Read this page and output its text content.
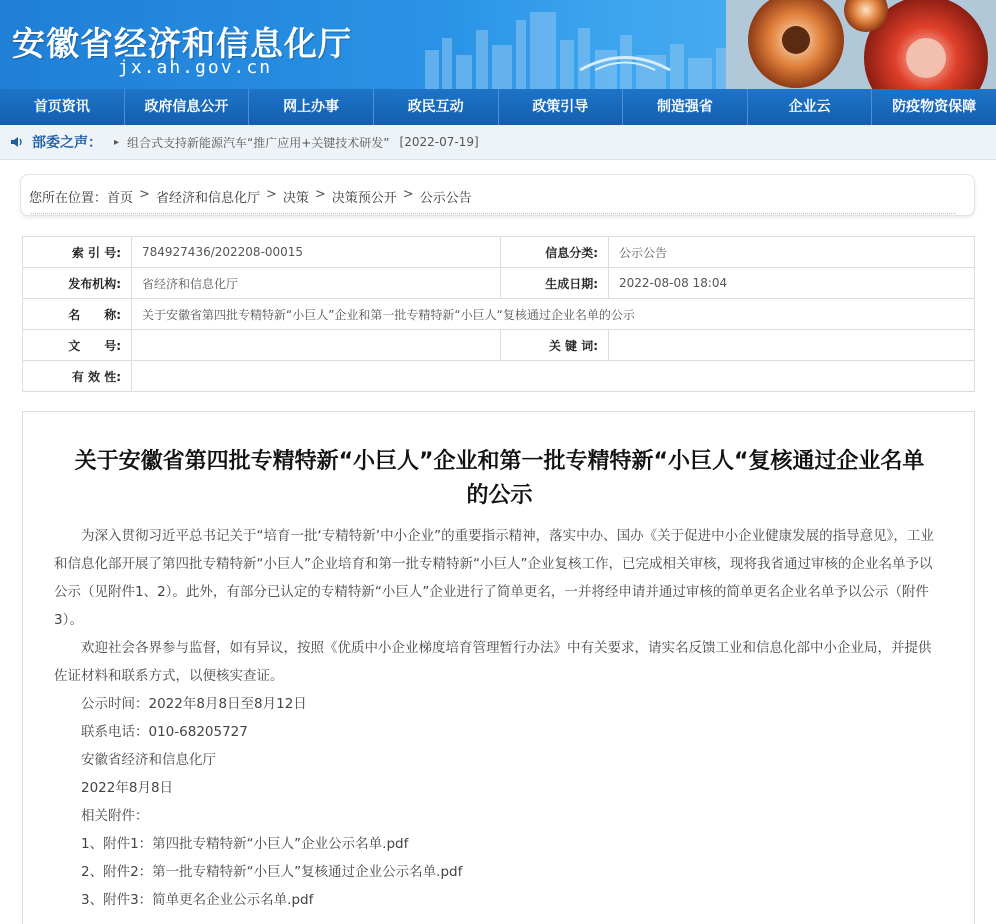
安徽省经济和信息化厅
jx.ah.gov.cn
首页资讯	政府信息公开	网上办事	政民互动	政策引导	制造强省	企业云	防疫物资保障
部委之声： ▸ 组合式支持新能源汽车“推广应用+关键技术研发” [2022-07-19]
您所在位置： 首页 > 省经济和信息化厅 > 决策 > 决策预公开 > 公示公告
索 引 号:	784927436/202208-00015	信息分类:	公示公告
发布机构:	省经济和信息化厅	生成日期:	2022-08-08 18:04
名　　称:	关于安徽省第四批专精特新“小巨人”企业和第一批专精特新“小巨人“复核通过企业名单的公示		
文　　号:		关 键 词:	
有 效 性:			
关于安徽省第四批专精特新“小巨人”企业和第一批专精特新“小巨人“复核通过企业名单的公示
为深入贯彻习近平总书记关于“培育一批‘专精特新’中小企业”的重要指示精神，落实中办、国办《关于促进中小企业健康发展的指导意见》，工业和信息化部开展了第四批专精特新“小巨人”企业培育和第一批专精特新“小巨人”企业复核工作，已完成相关审核，现将我省通过审核的企业名单予以公示（见附件1、2）。此外，有部分已认定的专精特新“小巨人”企业进行了简单更名，一并将经申请并通过审核的简单更名企业名单予以公示（附件3）。
欢迎社会各界参与监督，如有异议，按照《优质中小企业梯度培育管理暂行办法》中有关要求，请实名反馈工业和信息化部中小企业局，并提供佐证材料和联系方式，以便核实查证。
公示时间：2022年8月8日至8月12日
联系电话：010-68205727
安徽省经济和信息化厅
2022年8月8日
相关附件：
1、附件1：第四批专精特新“小巨人”企业公示名单.pdf
2、附件2：第一批专精特新“小巨人”复核通过企业公示名单.pdf
3、附件3：简单更名企业公示名单.pdf
